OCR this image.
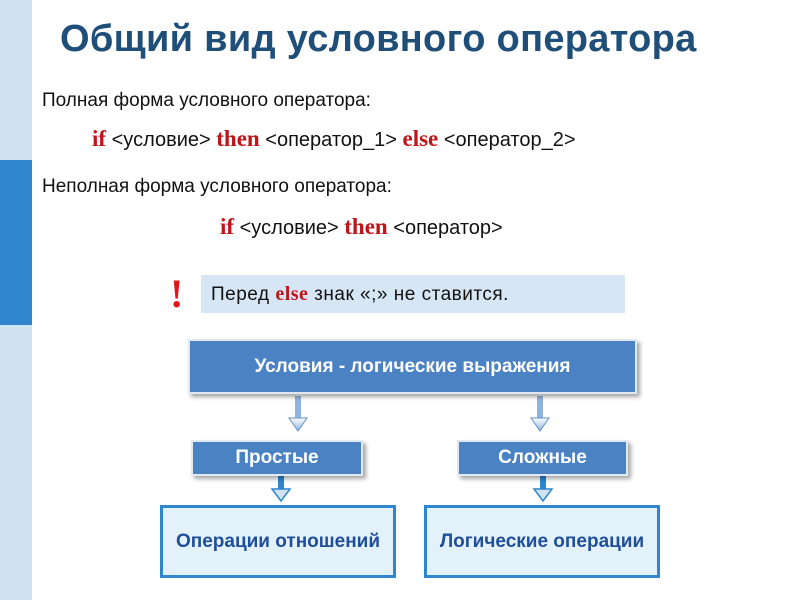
Общий вид условного оператора
Полная форма условного оператора:
if <условие> then <оператор_1> else <оператор_2>
Неполная форма условного оператора:
if <условие> then <оператор>
!	Перед else знак «;» не ставится.
Условия - логические выражения
Простые	Сложные
Операции отношений	Логические операции
